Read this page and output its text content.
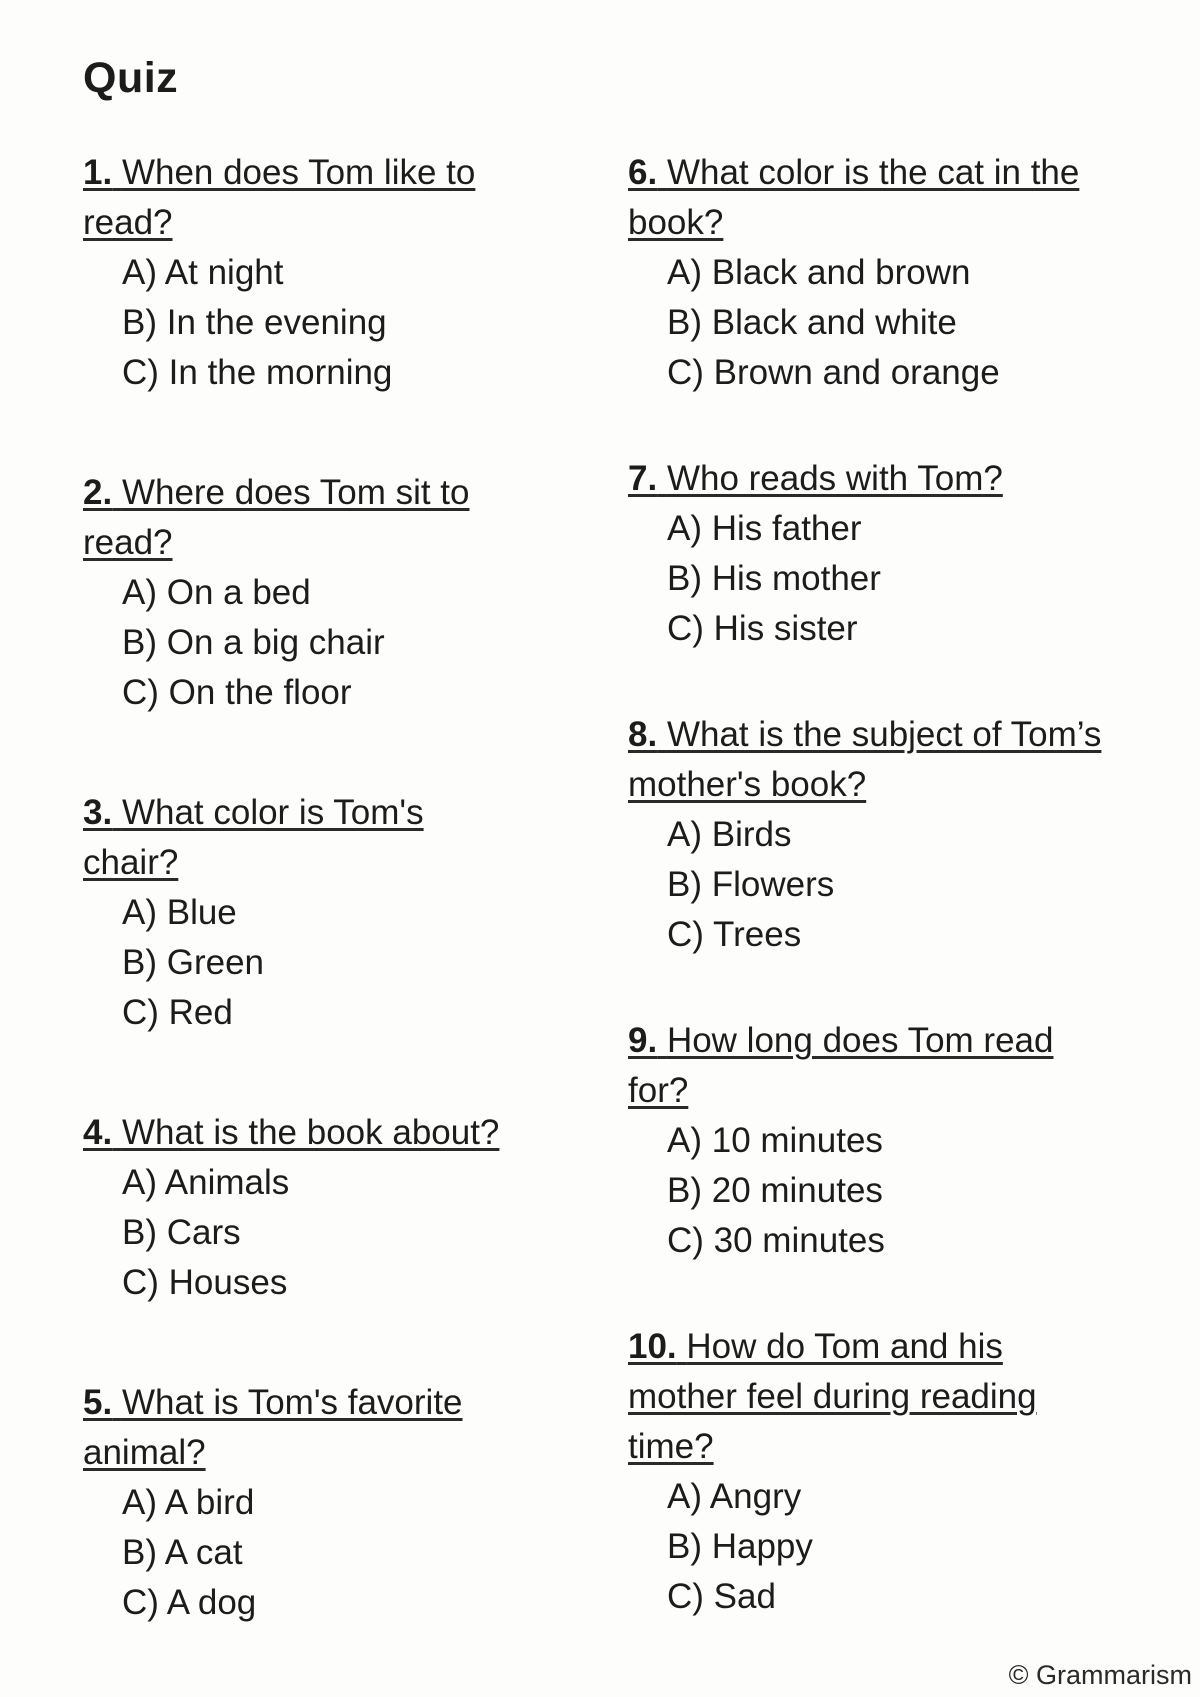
Quiz
1. When does Tom like to
read?
A) At night
B) In the evening
C) In the morning
2. Where does Tom sit to
read?
A) On a bed
B) On a big chair
C) On the floor
3. What color is Tom's
chair?
A) Blue
B) Green
C) Red
4. What is the book about?
A) Animals
B) Cars
C) Houses
5. What is Tom's favorite
animal?
A) A bird
B) A cat
C) A dog
6. What color is the cat in the
book?
A) Black and brown
B) Black and white
C) Brown and orange
7. Who reads with Tom?
A) His father
B) His mother
C) His sister
8. What is the subject of Tom’s
mother's book?
A) Birds
B) Flowers
C) Trees
9. How long does Tom read
for?
A) 10 minutes
B) 20 minutes
C) 30 minutes
10. How do Tom and his
mother feel during reading
time?
A) Angry
B) Happy
C) Sad
© Grammarism
